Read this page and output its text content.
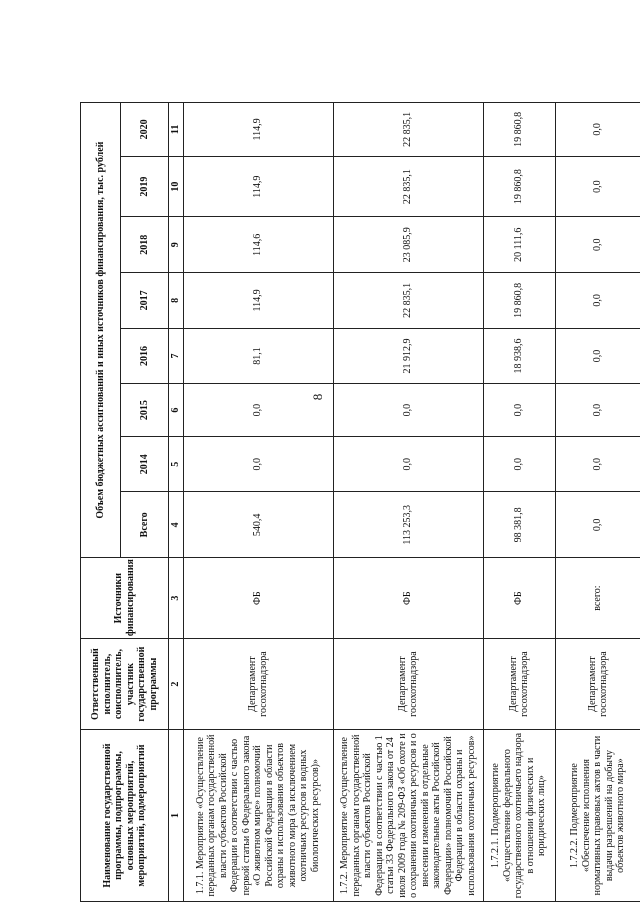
8
Наименование государственной программы, подпрограммы, основных мероприятий, мероприятий, подмероприятий	Ответственный исполнитель, соисполнитель, участник государственной программы	Источники финансирования	Объем бюджетных ассигнований и иных источников финансирования, тыс. рублей							
			Всего	2014	2015	2016	2017	2018	2019	2020
1	2	3	4	5	6	7	8	9	10	11
1.7.1. Мероприятие «Осуществление переданных органам государственной власти субъектов Российской Федерации в соответствии с частью первой статьи 6 Федерального закона «О животном мире» полномочий Российской Федерации в области охраны и использования объектов животного мира (за исключением охотничьих ресурсов и водных биологических ресурсов)»	Департамент госохотнадзора	ФБ	540,4	0,0	0,0	81,1	114,9	114,6	114,9	114,9
1.7.2. Мероприятие «Осуществление переданных органам государственной власти субъектов Российской Федерации в соответствии с частью 1 статьи 33 Федерального закона от 24 июля 2009 года № 209-ФЗ «Об охоте и о сохранении охотничьих ресурсов и о внесении изменений в отдельные законодательные акты Российской Федерации» полномочий Российской Федерации в области охраны и использования охотничьих ресурсов»	Департамент госохотнадзора	ФБ	113 253,3	0,0	0,0	21 912,9	22 835,1	23 085,9	22 835,1	22 835,1
1.7.2.1. Подмероприятие «Осуществление федерального государственного охотничьего надзора в отношении физических и юридических лиц»	Департамент госохотнадзора	ФБ	98 381,8	0,0	0,0	18 938,6	19 860,8	20 111,6	19 860,8	19 860,8
1.7.2.2. Подмероприятие «Обеспечение исполнения нормативных правовых актов в части выдачи разрешений на добычу объектов животного мира»	Департамент госохотнадзора	всего:	0,0	0,0	0,0	0,0	0,0	0,0	0,0	0,0
